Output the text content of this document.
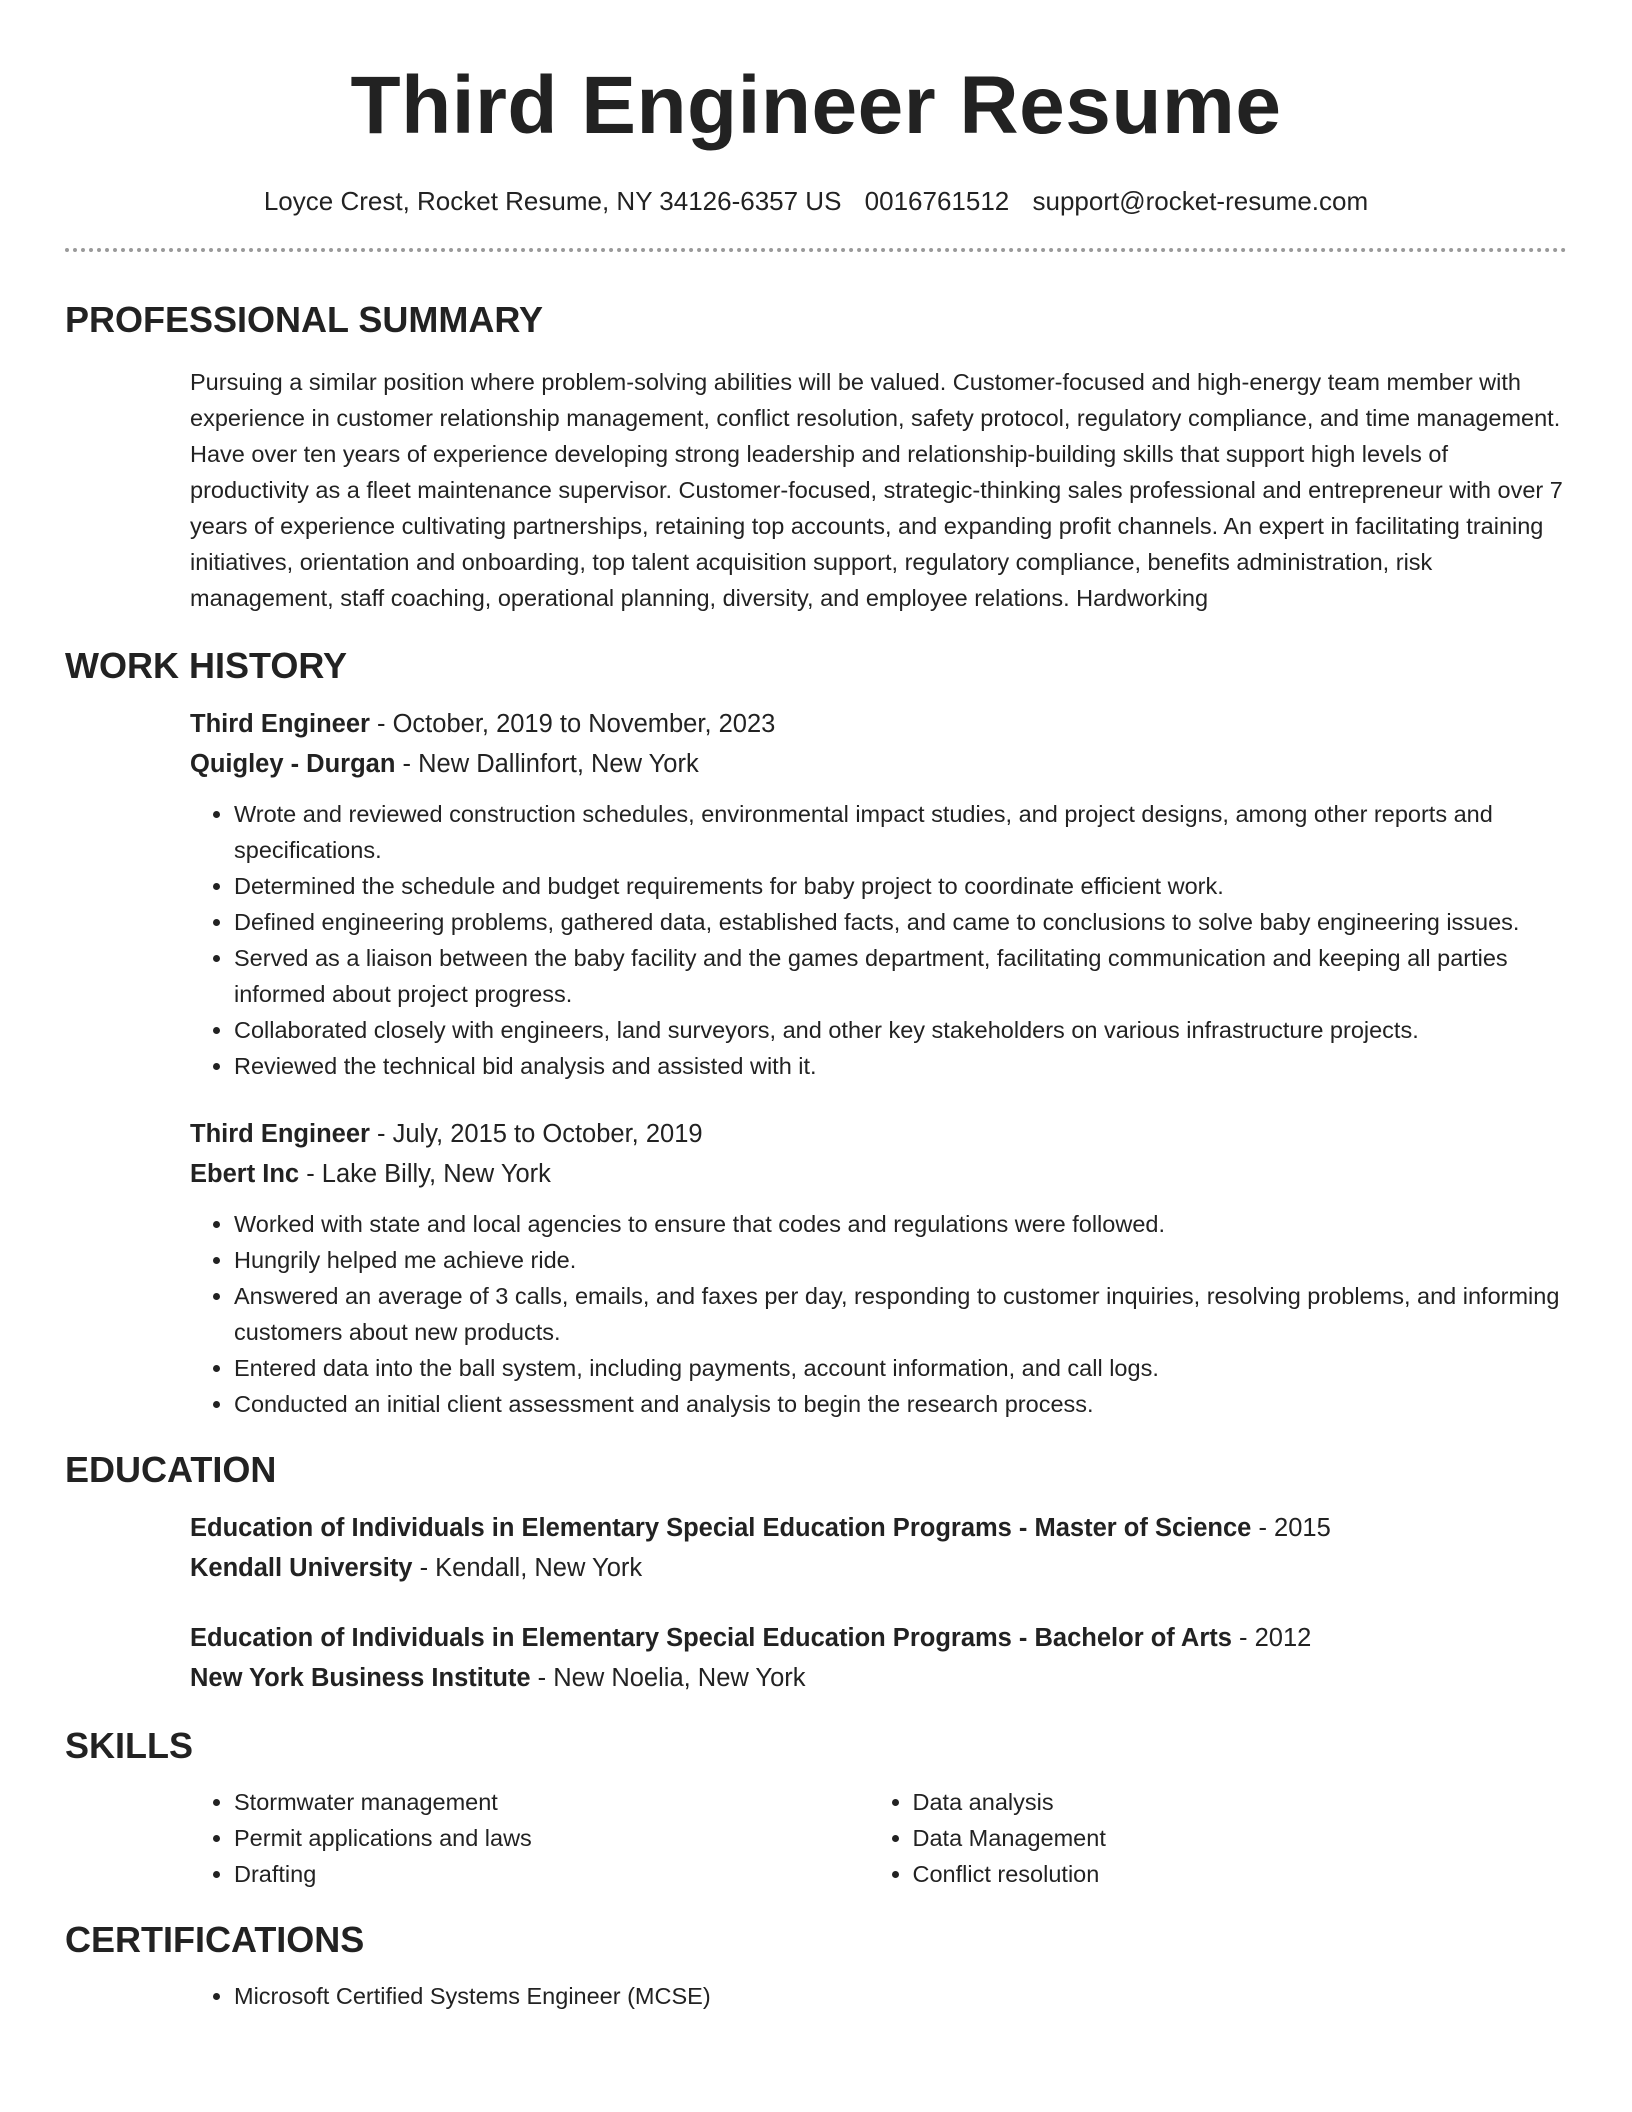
Third Engineer Resume
Loyce Crest, Rocket Resume, NY 34126-6357 US 0016761512 support@rocket-resume.com
PROFESSIONAL SUMMARY

Pursuing a similar position where problem-solving abilities will be valued. Customer-focused and high-energy team member with experience in customer relationship management, conflict resolution, safety protocol, regulatory compliance, and time management. Have over ten years of experience developing strong leadership and relationship-building skills that support high levels of productivity as a fleet maintenance supervisor. Customer-focused, strategic-thinking sales professional and entrepreneur with over 7 years of experience cultivating partnerships, retaining top accounts, and expanding profit channels. An expert in facilitating training initiatives, orientation and onboarding, top talent acquisition support, regulatory compliance, benefits administration, risk management, staff coaching, operational planning, diversity, and employee relations. Hardworking

WORK HISTORY
Third Engineer - October, 2019 to November, 2023
Quigley - Durgan - New Dallinfort, New York
• Wrote and reviewed construction schedules, environmental impact studies, and project designs, among other reports and specifications.
• Determined the schedule and budget requirements for baby project to coordinate efficient work.
• Defined engineering problems, gathered data, established facts, and came to conclusions to solve baby engineering issues.
• Served as a liaison between the baby facility and the games department, facilitating communication and keeping all parties informed about project progress.
• Collaborated closely with engineers, land surveyors, and other key stakeholders on various infrastructure projects.
• Reviewed the technical bid analysis and assisted with it.
Third Engineer - July, 2015 to October, 2019
Ebert Inc - Lake Billy, New York
• Worked with state and local agencies to ensure that codes and regulations were followed.
• Hungrily helped me achieve ride.
• Answered an average of 3 calls, emails, and faxes per day, responding to customer inquiries, resolving problems, and informing customers about new products.
• Entered data into the ball system, including payments, account information, and call logs.
• Conducted an initial client assessment and analysis to begin the research process.
EDUCATION
Education of Individuals in Elementary Special Education Programs - Master of Science - 2015
Kendall University - Kendall, New York
Education of Individuals in Elementary Special Education Programs - Bachelor of Arts - 2012
New York Business Institute - New Noelia, New York
SKILLS
• Stormwater management
• Permit applications and laws
• Drafting
• Data analysis
• Data Management
• Conflict resolution
CERTIFICATIONS
• Microsoft Certified Systems Engineer (MCSE)
